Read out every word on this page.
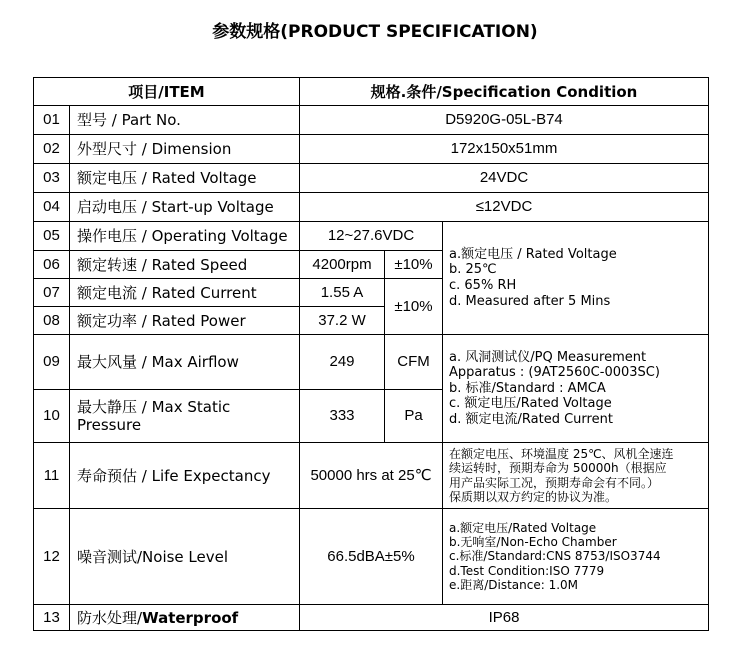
参数规格(PRODUCT SPECIFICATION)
项目/ITEM		规格.条件/Specification Condition		
01	型号 / Part No.	D5920G-05L-B74		
02	外型尺寸 / Dimension	172x150x51mm		
03	额定电压 / Rated Voltage	24VDC		
04	启动电压 / Start-up Voltage	≤12VDC		
05	操作电压 / Operating Voltage	12~27.6VDC		a.额定电压 / Rated Voltage
b. 25℃
c. 65% RH
d. Measured after 5 Mins

06	额定转速 / Rated Speed	4200rpm	±10%	
07	额定电流 / Rated Current	1.55 A	±10%	
08	额定功率 / Rated Power	37.2 W		
09	最大风量 / Max Airflow	249	CFM	a. 风洞测试仪/PQ Measurement
Apparatus : (9AT2560C-0003SC)
b. 标准/Standard : AMCA
c. 额定电压/Rated Voltage
d. 额定电流/Rated Current

10	最大静压 / Max Static
Pressure	333	Pa	
11	寿命预估 / Life Expectancy	50000 hrs at 25℃		在额定电压、环境温度 25℃、风机全速连
续运转时，预期寿命为 50000h（根据应
用产品实际工况，预期寿命会有不同。）
保质期以双方约定的协议为准。

12	噪音测试/Noise Level	66.5dBA±5%		a.额定电压/Rated Voltage
b.无响室/Non-Echo Chamber
c.标准/Standard:CNS 8753/ISO3744
d.Test Condition:ISO 7779
e.距离/Distance: 1.0M

13	防水处理/Waterproof	IP68		
